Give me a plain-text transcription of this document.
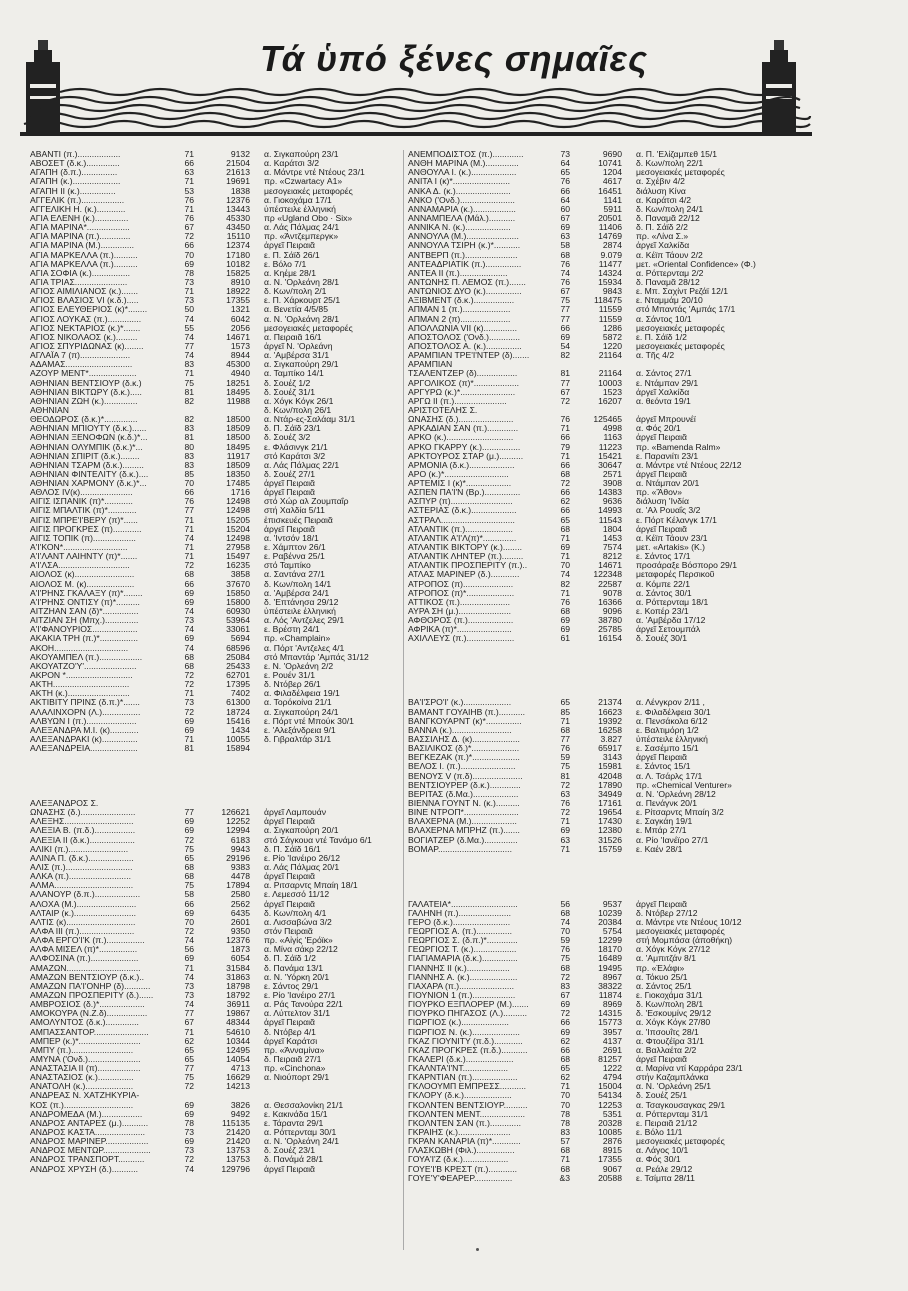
Τά ὑπό ξένες σημαῖες
ΑΒΑΝΤΙ (π.)..................	71	9132	α. Σιγκαπούρη 23/1
ΑΒΟΣΕΤ (δ.κ.)..............	66	21504	α. Καράτσι 3/2
ΑΓΑΠΗ (δ.π.)...............	63	21613	α. Μάντρε ντέ Ντέους 23/1
ΑΓΑΠΗ (κ.)....................	71	19691	πρ. «Czwartacy Α1»
ΑΓΑΠΗ ΙΙ (κ.)...............	53	1838	μεσογειακές μεταφορές
ΑΓΓΕΛΙΚ (π.)..................	76	12376	α. Γιοκοχάμα 17/1
ΑΓΓΕΛΙΚΗ Η. (κ.)............	71	13443	ὑπέστειλε ἑλληνική
ΑΓΙΑ ΕΛΕΝΗ (κ.)..............	76	45330	πρ «Ugland Obo · Six»
ΑΓΙΑ ΜΑΡΙΝΑ*..................	67	43450	α. Λάς Πάλμας 24/1
ΑΓΙΑ ΜΑΡΙΝΑ (π.).............	72	15110	πρ. «Άντζεμπεργκ»
ΑΓΙΑ ΜΑΡΙΝΑ (Μ.)..............	66	12374	ἀργεῖ Πειραιᾶ
ΑΓΙΑ ΜΑΡΚΕΛΛΑ (π.)..........	70	17180	ε. Π. Σάϊδ 26/1
ΑΓΙΑ ΜΑΡΚΕΛΛΑ (π.)..........	69	10182	ε. Βόλο 7/1
ΑΓΙΑ ΣΟΦΙΑ (κ.)................	78	15825	α. Κηέμε 28/1
ΑΓΙΑ ΤΡΙΑΣ......................	73	8910	α. Ν. 'Ορλεάνη 28/1
ΑΓΙΟΣ ΑΙΜΙΛΙΑΝΟΣ (κ.).......	71	18922	δ. Κων/πολη 2/1
ΑΓΙΟΣ ΒΛΑΣΙΟΣ VI (κ.δ.).....	73	17355	ε. Π. Χάρκουρτ 25/1
ΑΓΙΟΣ ΕΛΕΥΘΕΡΙΟΣ (κ)*........	50	1321	α. Βενετία 4/5/85
ΑΓΙΟΣ ΛΟΥΚΑΣ (π.)..............	74	6042	α. Ν. 'Ορλεάνη 28/1
ΑΓΙΟΣ ΝΕΚΤΑΡΙΟΣ (κ.)*.......	55	2056	μεσογειακές μεταφορές
ΑΓΙΟΣ ΝΙΚΟΛΑΟΣ (κ.).........	74	14671	α. Πειραιᾶ 16/1
ΑΓΙΟΣ ΣΠΥΡΙΔΩΝΑΣ (κ)........	77	1573	ἀργεῖ Ν. 'Ορλεάνη
ΑΓΛΑΪΑ 7 (π).....................	74	8944	α. 'Αμβέρσα 31/1
ΑΔΑΜΑΣ............................	83	45300	α. Σιγκαπούρη 29/1
ΑΖΟΥΡ ΜΕΝΤ*....................	71	4940	α. Ταμπίκο 14/1
ΑΘΗΝΙΑΝ ΒΕΝΤΣΙΟΥΡ (δ.κ.)	75	18251	δ. Σουέζ 1/2
ΑΘΗΝΙΑΝ ΒΙΚΤΩΡΥ (δ.κ.).....	81	18495	δ. Σουέζ 31/1
ΑΘΗΝΙΑΝ ΖΩΗ (κ.)..............	82	11988	α. Χόγκ Κόγκ 26/1
ΑΘΗΝΙΑΝ	δ. Κων/πολη 26/1
ΘΕΟΔΩΡΟΣ (δ.κ.)*..............	82	18500	α. Ντάρ-ες-Σαλάαμ 31/1
ΑΘΗΝΙΑΝ ΜΠΙΟΥΤΥ (δ.κ.)......	83	18509	δ. Π. Σάϊδ 23/1
ΑΘΗΝΙΑΝ ΞΕΝΟΦΩΝ (κ.δ.)*...	81	18500	δ. Σουέζ 3/2
ΑΘΗΝΙΑΝ ΟΛΥΜΠΙΚ (δ.κ.)*...	80	18495	ε. Φλάσινγκ 21/1
ΑΘΗΝΙΑΝ ΣΠΙΡΙΤ (δ.κ.)........	83	11917	στό Καράτσι 3/2
ΑΘΗΝΙΑΝ ΤΣΑΡΜ (δ.κ.).........	83	18509	α. Λάς Πάλμας 22/1
ΑΘΗΝΙΑΝ ΦΙΝΤΕΛΙΤΥ (δ.κ.)....	85	18350	δ. Σουέζ 27/1
ΑΘΗΝΙΑΝ ΧΑΡΜΟΝΥ (δ.κ.)*...	70	17485	ἀργεῖ Πειραιᾶ
ΑΘΛΟΣ IV(κ)......................	66	1716	ἀργεῖ Πειραιᾶ
ΑΙΓΙΣ ΙΣΠΑΝΙΚ (π)*............	76	12498	στό Χώρ αλ Ζουμπαΐρ
ΑΙΓΙΣ ΜΠΑΛΤΙΚ (π)*............	77	12498	στή Χαλδία 5/11
ΑΙΓΙΣ ΜΠΡΕ'Ι'ΒΕΡΥ (π)*......	71	15205	ἐπισκευές Πειραιᾶ
ΑΙΓΙΣ ΠΡΟΓΚΡΕΣ (π)............	71	15204	ἀργεῖ Πειραιᾶ
ΑΙΓΙΣ ΤΟΠΙΚ (π)..................	74	12498	α. 'Ιντσόν 18/1
Α'Ι'ΚΟΝ*...........................	71	27958	ε. Χάμπτον 26/1
Α'Ι'ΛΑΝΤ ΛΑΙΗΝΤΥ (π)*.......	71	15497	ε. Ραβέννα 25/1
Α'Ι'ΛΣΑ..............................	72	16235	στό Ταμπίκο
ΑΙΟΛΟΣ (κ).........................	68	3858	α. Σαντάνα 27/1
ΑΙΟΛΟΣ Μ. (κ)....................	66	37670	δ. Κων/πολη 14/1
Α'Ι'ΡΗΝΣ ΓΚΑΛΑΞΥ (π)*........	69	15850	α. 'Αμβέρσα 24/1
Α'Ι'ΡΗΝΣ ΟΝΤΙΣΥ (π)*..........	69	15800	δ. 'Επτάνησα 29/12
ΑΙΤΖΗΑΝ ΣΑΝ (δ)*...............	74	60930	ὑπέστειλε ἑλληνική
ΑΙΤΖΙΑΝ ΣΗ (Μπχ.)..............	73	53964	α. Λός 'Αντζελες 29/1
Α'Ι'ΦΑΝΟΥΡΙΟΣ...................	74	33061	ε. Βρέστη 24/1
ΑΚΑΚΙΑ ΤΡΗ (π.)*................	69	5694	πρ. «Champlain»
ΑΚΟΗ...............................	74	68596	α. Πόρτ 'Αντζελες 4/1
ΑΚΟΥΑΜΠΕΛ (π.)..................	68	25084	στό Μπαντάρ 'Αμπάς 31/12
ΑΚΟΥΑΤΖΟ'Υ'......................	68	25433	ε. Ν. 'Ορλεάνη 2/2
ΑΚΡΟΝ *............................	72	62701	ε. Ρουέν 31/1
ΑΚΤΗ................................	72	17395	δ. Ντόβερ 26/1
ΑΚΤΗ (κ.)..........................	71	7402	α. Φιλαδέλφεια 19/1
ΑΚΤΙΒΙΤΥ ΠΡΙΝΣ (δ.π.)*.......	73	61300	α. Τορόκοίνα 21/1
ΑΛΑΛΙΝΧΟΡΝ (Λ.)................	72	18724	α. Σιγκαπούρη 24/1
ΑΛΒΥΩΝ Ι (π.).....................	69	15416	ε. Πόρτ ντέ Μπούκ 30/1
ΑΛΕΞΑΝΔΡΑ Μ.Ι. (κ)............	69	1434	ε. 'Αλεξάνδρεια 9/1
ΑΛΕΞΑΝΔΡΑΚΙ (κ)...............	71	10055	δ. Γιβραλτάρ 31/1
ΑΛΕΞΑΝΔΡΕΙΑ....................	81	15894
ΑΛΕΞΑΝΔΡΟΣ Σ.
ΩΝΑΣΗΣ (δ.).......................	77	126621	ἀργεῖ Λαμπουάν
ΑΛΕΞΗΣ.............................	69	12252	ἀργεῖ Πειραιᾶ
ΑΛΕΞΙΑ Β. (π.δ.).................	69	12994	α. Σιγκαπούρη 20/1
ΑΛΕΞΙΑ ΙΙ (δ.κ.)...................	72	6183	στό Σάγκουα ντέ Τανάμο 6/1
ΑΛΙΚΙ (π.).........................	75	9943	δ. Π. Σάϊδ 16/1
ΑΛΙΝΑ Π. (δ.κ.)...................	65	29196	ε. Ρίο 'Ιανέιρο 26/12
ΑΛΙΣ (π.)............................	68	9383	α. Λάς Πάλμας 20/1
ΑΛΚΑ (π.)..........................	68	4478	ἀργεῖ Πειραιᾶ
ΑΛΜΑ.................................	75	17894	α. Ριτσαρντς Μπαίη 18/1
ΑΛΑΝΟΥΡ (δ.π.)...................	58	2580	ε. Λεμεσσό 11/12
ΑΛΟΧΑ (Μ.).........................	66	2562	ἀργεῖ Πειραιᾶ
ΑΛΤΑΙΡ (κ.)..........................	69	6435	δ. Κων/πολη 4/1
ΑΛΤΙΣ (κ).............................	70	2601	α. Λισσαβώνα 3/2
ΑΛΦΑ ΙΙΙ (π.).......................	72	9350	στόν Πειραιᾶ
ΑΛΦΑ ΕΡΓΟ'Ι'Κ (π.)................	74	12376	πρ. «Αἰγίς 'Ερόϊκ»
ΑΛΦΑ ΜΙΣΕΛ (π)*................	56	1873	α. Μίνα σάκρ 22/12
ΑΛΦΟΣΙΝΑ (π.)....................	69	6054	δ. Π. Σάϊδ 1/2
ΑΜΑΖΩΝ...............................	71	31584	δ. Πανάμα 13/1
ΑΜΑΖΩΝ ΒΕΝΤΣΙΟΥΡ (δ.κ.)..	74	31863	α. Ν. 'Υόρκη 20/1
ΑΜΑΖΩΝ ΠΑ'Ι'ΟΝΗΡ (δ)...........	73	18798	ε. Σάντος 29/1
ΑΜΑΖΩΝ ΠΡΟΣΠΕΡΙΤΥ (δ.)......	73	18792	ε. Ρίο 'Ιανέιρο 27/1
ΑΜΒΡΟΣΙΟΣ (δ.)*...................	74	36911	α. Ράς Τανούρα 22/1
ΑΜΟΚΟΥΡΑ (Ν.Ζ.δ).................	77	19867	α. Λύττελτον 31/1
ΑΜΟΛΥΝΤΟΣ (δ.κ.)..............	67	48344	ἀργεῖ Πειραιᾶ
ΑΜΠΑΣΣΑΝΤΟΡ.......................	71	54610	δ. Ντόβερ 4/1
ΑΜΠΕΡ (κ.)*..........................	62	10344	ἀργεῖ Καράτσι
ΑΜΠΥ (π.)..........................	65	12495	πρ. «Άνναμίνα»
ΑΜΥΝΑ ('Ονδ.)......................	65	14054	δ. Πειραιᾶ 27/1
ΑΝΑΣΤΑΣΙΑ ΙΙ (π)..................	77	4713	πρ. «Cinchona»
ΑΝΑΣΤΑΣΙΟΣ (κ.)...............	75	16629	α. Νιούπορτ 29/1
ΑΝΑΤΟΛΗ (κ.)....................	72	14213
ΑΝΔΡΕΑΣ Ν. ΧΑΤΖΗΚΥΡΙΑ-
ΚΟΣ (π.).............................	69	3826	α. Θεσσαλονίκη 21/1
ΑΝΔΡΟΜΕΔΑ (Μ.).................	69	9492	ε. Κακινάδα 15/1
ΑΝΔΡΟΣ ΑΝΤΑΡΕΣ (μ.)...........	78	115135	ε. Τάραντα 29/1
ΑΝΔΡΟΣ ΚΑΣΤΑ.....................	73	21420	α. Ρόττερνταμ 30/1
ΑΝΔΡΟΣ ΜΑΡΙΝΕΡ..................	69	21420	α. Ν. 'Ορλεάνη 24/1
ΑΝΔΡΟΣ ΜΕΝΤΩΡ....................	73	13753	δ. Σουέζ 23/1
ΑΝΔΡΟΣ ΤΡΑΝΣΠΟΡΤ...........	72	13753	δ. Πανάμά 28/1
ΑΝΔΡΟΣ ΧΡΥΣΗ (δ.)...........	74	129796	ἀργεῖ Πειραιᾶ
ΑΝΕΜΠΟΔΙΣΤΟΣ (π.).............	73	9690	α. Π. 'Ελίζαμπεθ 15/1
ΑΝΘΗ ΜΑΡΙΝΑ (Μ.)..............	64	10741	δ. Κων/πολη 22/1
ΑΝΘΟΥΛΑ Ι. (κ.)...................	65	1204	μεσογειακές μεταφορές
ΑΝΙΤΑ Ι (κ)*........................	76	4617	α. Σχέβιν 4/2
ΑΝΚΑ Δ. (κ.).......................	66	16451	διάλυση Κίνα
ΑΝΚΟ ('Ονδ.).......................	64	1141	α. Καράτσι 4/2
ΑΝΝΑΜΑΡΙΑ (κ.)..................	60	5911	δ. Κων/πολη 24/1
ΑΝΝΑΜΠΕΛΑ (Μάλ.)...........	67	20501	δ. Παναμᾶ 22/12
ΑΝΝΙΚΑ Ν. (κ.)...................	69	11406	δ. Π. Σάϊδ 2/2
ΑΝΝΟΥΛΑ (Μ.)......................	63	14769	πρ. «Λίνα Σ.»
ΑΝΝΟΥΛΑ ΤΣΙΡΗ (κ.)*...........	58	2874	ἀργεῖ Χαλκίδα
ΑΝΤΒΕΡΠ (π.)......................	68	9.079	α. Κέϊπ Τάουν 2/2
ΑΝΤΕΑΔΡΙΑΤΙΚ (π.)...............	76	11477	μετ. «Oriental Confidence» (Φ.)
ΑΝΤΕΑ ΙΙ (π.)....................	74	14324	α. Ρόττερνταμ 2/2
ΑΝΤΩΝΗΣ Π. ΛΕΜΟΣ (π.).......	76	15934	δ. Παναμᾶ 28/12
ΑΝΤΩΝΙΟΣ ΔΥΟ (κ.)...............	67	9843	ε. Μπ. Σαχίντ Ρεζάϊ 12/1
ΑΞΙΒΜΕΝΤ (δ.κ.).................	75	118475	ε. Νταμμάμ 20/10
ΑΠΜΑΝ 1 (π.)....................	77	11559	στό Μπαντάς 'Αμπάς 17/1
ΑΠΜΑΝ 2 (π).....................	77	11559	α. Σάντος 10/1
ΑΠΟΛΛΩΝΙΑ VII (κ)..............	66	1286	μεσογειακές μεταφορές
ΑΠΟΣΤΟΛΟΣ ('Ονδ.).............	69	5872	ε. Π. Σάϊδ 1/2
ΑΠΟΣΤΟΛΟΣ Α. (κ.)...............	54	1220	μεσογειακές μεταφορές
ΑΡΑΜΠΙΑΝ ΤΡΕ'Ι'ΝΤΕΡ (δ).......	82	21164	α. Τῆς 4/2
ΑΡΑΜΠΙΑΝ
ΤΣΑΛΕΝΤΖΕΡ (δ).................	81	21164	α. Σάντος 27/1
ΑΡΓΟΛΙΚΟΣ (π)*...................	77	10003	ε. Ντάμπαν 29/1
ΑΡΓΥΡΩ (κ.)*.......................	67	1523	ἀργεῖ Χαλκίδα
ΑΡΓΩ ΙΙ (π.)......................	72	16207	α. θεόντα 19/1
ΑΡΙΣΤΟΤΕΛΗΣ Σ.
ΩΝΑΣΗΣ (δ.).......................	76	125465	ἀργεῖ Μπρουνέϊ
ΑΡΚΑΔΙΑΝ ΣΑΝ (π.).............	71	4998	α. Φός 20/1
ΑΡΚΟ (κ.)............................	66	1163	ἀργεῖ Πειραιᾶ
ΑΡΚΟ ΓΚΑΡΡΥ (κ.)................	79	11223	πρ. «Bamenda Ralm»
ΑΡΚΤΟΥΡΟΣ ΣΤΑΡ (μ.)..........	71	15421	ε. Παρανιίτι 23/1
ΑΡΜΟΝΙΑ (δ.κ.)...................	66	30647	α. Μάντρε ντέ Ντέους 22/12
ΑΡΟ (κ.)*...........................	68	2571	ἀργεῖ Πειραιᾶ
ΑΡΤΕΜΙΣ Ι (κ)*...................	72	3908	α. Ντάμπαν 20/1
ΑΣΠΕΝ ΠΑ'Ι'Ν (Βρ.)...............	66	14383	πρ. «Ἄθον»
ΑΣΠΥΡ (π)..........................	62	9636	διάλυση 'Ινδία
ΑΣΤΕΡΙΑΣ (δ.κ.)...................	66	14993	α. 'Αλ Ρουαΐς 3/2
ΑΣΤΡΑΛ...............................	65	11543	ε. Πόρτ Κέλανγκ 17/1
ΑΤΛΑΝΤΙΚ (π.)....................	68	1804	ἀργεῖ Πειραιᾶ
ΑΤΛΑΝΤΙΚ Α'Ι'Λ(π)*..............	71	1453	α. Κέϊπ Τάουν 23/1
ΑΤΛΑΝΤΙΚ ΒΙΚΤΟΡΥ (κ.)........	69	7574	μετ. «Artakis» (Κ.)
ΑΤΛΑΝΤΙΚ ΛΗΝΤΕΡ (π.).........	71	8212	ε. Σάντος 17/1
ΑΤΛΑΝΤΙΚ ΠΡΟΣΠΕΡΙΤΥ (π.)..	70	14671	προσάραξε Βόσπορο 29/1
ΑΤΛΑΣ ΜΑΡΙΝΕΡ (δ.)............	74	122348	μεταφορές Περσικοῦ
ΑΤΡΟΠΟΣ (π).....................	82	22587	α. Κόμπε 22/1
ΑΤΡΟΠΟΣ (π)*....................	71	9078	α. Σάντος 30/1
ΑΤΤΙΚΟΣ (π.).....................	76	16366	α. Ρόττερνταμ 18/1
ΑΥΡΑ ΣΗ (μ.)......................	68	9096	ε. Κοπέρ 23/1
ΑΦΘΟΡΟΣ (π.)...................	69	38780	α. 'Αμβέρδα 17/12
ΑΦΡΙΚΑ (π)*.......................	69	25785	ἀργεῖ Σετουμπάλ
ΑΧΙΛΛΕΥΣ (π.)....................	61	16154	δ. Σουέζ 30/1
ΒΑ'Ι'ΣΡΟ'Ι' (κ.)....................	65	21374	α. Λένγκρον 2/11 ,
ΒΑΜΑΝΤ ΓΟΥΑΙΗΒ (π.)...........	85	16623	ε. Φιλαδέλφεια 30/1
ΒΑΝΓΚΟΥΑΡΝΤ (κ)*...............	71	19392	α. Πενσάκολα 6/12
ΒΑΝΝΑ (κ.).........................	68	16258	ε. Βαλτιμόρη 1/2
ΒΑΣΣΙΛΗΣ Δ. (κ)....................	77	3.827	ὑπέστειλε ἑλληνική
ΒΑΣΙΛΙΚΟΣ (δ.)*....................	76	65917	ε. Σασέμπο 15/1
ΒΕΓΚΕΖΑΚ (π.)*....................	59	3143	ἀργεῖ Πειραιᾶ
ΒΕΛΟΣ Ι. (π.).......................	75	15981	ε. Σάντος 15/1
ΒΕΝΟΥΣ V (π.δ).....................	81	42048	α. Λ. Τσάρλς 17/1
ΒΕΝΤΣΙΟΥΡΕΡ (δ.κ.).............	72	17890	πρ. «Chemical Venturer»
ΒΕΡΙΤΑΣ (δ.Μα.)...................	63	34949	α. Ν. 'Ορλεάνη 28/12
ΒΙΕΝΝΑ ΓΟΥΝΤ Ν. (κ.)..........	76	17161	α. Πενάγνκ 20/1
ΒΙΝΕ ΝΤΡΟΠ*.......................	72	19654	ε. Ρίτσαρντς Μπαίη 3/2
ΒΛΑΧΕΡΝΑ (Μ.)...................	71	17430	ε. Σαγκάη 19/1
ΒΛΑΧΕΡΝΑ ΜΠΡΗΖ (π.).......	69	12380	ε. Μπάρ 27/1
ΒΟΓΙΑΤΖΕΡ (δ.Μα.)..............	63	31526	α. Ρίο 'Ιανέϊρο 27/1
ΒΟΜΑΡ...............................	71	15759	ε. Καέν 28/1
ΓΑΛΑΤΕΙΑ*............................	56	9537	ἀργεῖ Πειραιᾶ
ΓΑΛΗΝΗ (π.)......................	68	10239	δ. Ντόβερ 27/12
ΓΕΡΟ (δ.κ.)........................	74	20384	α. Μάντρε ντε Ντέους 10/12
ΓΕΩΡΓΙΟΣ Α. (π.)...............	70	5754	μεσογειακές μεταφορές
ΓΕΩΡΓΙΟΣ Σ. (δ.π.)*.............	59	12299	στή Μομπάσα (ἀποθήκη)
ΓΕΩΡΓΙΟΣ Τ. (κ.)..................	76	18170	α. Χόγκ Κόγκ 27/12
ΓΙΑΓΙΑΜΑΡΙΑ (δ.κ.)...............	75	16489	α. 'Αμπιτζάν 8/1
ΓΙΑΝΝΗΣ ΙΙ (κ.)..................	68	19495	πρ. «Ἐλάφι»
ΓΙΑΝΝΗΣ Α. (κ.)....................	72	8967	α. Τόκυο 25/1
ΓΙΑΧΑΡΑ (π.).......................	83	38322	α. Σάντος 25/1
ΓΙΟΥΝΙΟΝ 1 (π.)..................	67	11874	ε. Γιοκοχάμα 31/1
ΓΙΟΥΡΚΟ ΕΞΠΛΟΡΕΡ (Μ.).......	69	8969	δ. Κων/πολη 28/1
ΓΙΟΥΡΚΟ ΠΗΓΑΣΟΣ (Λ.)..........	72	14315	δ. 'Εσκουμίνς 29/12
ΓΙΩΡΓΙΟΣ (κ.)....................	66	15773	α. Χόγκ Κόγκ 27/80
ΓΙΩΡΓΙΟΣ Ν. (κ.)....................	69	3957	α. 'Ιπσουΐτς 28/1
ΓΚΑΖ ΓΙΟΥΝΙΤΥ (π.δ.)............	62	4137	α. Φτουζέϊρα 31/1
ΓΚΑΖ ΠΡΟΓΚΡΕΣ (π.δ.)...........	66	2691	α. Βαλλαέτα 2/2
ΓΚΑΛΕΡΙ (δ.κ.)....................	68	81257	ἀργεῖ Πειραιᾶ
ΓΚΑΛΝΤΑ'Ι'ΝΤ...................	65	1222	α. Μαρίνα ντί Καρράρα 23/1
ΓΚΑΡΝΤΙΑΝ (π.)...................	62	4794	στήν Καζαμπλάνκα
ΓΚΛΟΟΥΜΠ ΕΜΠΡΕΣΣ...........	71	15004	α. Ν. 'Ορλεάνη 25/1
ΓΚΛΟΡΥ (δ.κ.)....................	70	54134	δ. Σουέζ 25/1
ΓΚΟΛΝΤΕΝ ΒΕΝΤΣΙΟΥΡ..........	70	12253	α. Τσαγκουσαγκας 29/1
ΓΚΟΛΝΤΕΝ ΜΕΝΤ...................	78	5351	α. Ρόττερνταμ 31/1
ΓΚΟΛΝΤΕΝ ΣΑΝ (π.).............	78	20328	ε. Πειραιᾶ 21/12
ΓΚΡΑΙΗΣ (κ.)......................	83	10085	ε. Βόλο 11/1
ΓΚΡΑΝ ΚΑΝΑΡΙΑ (π)*............	57	2876	μεσογειακές μεταφορές
ΓΛΑΣΚΩΒΗ (Φιλ.)................	68	8915	α. Λάγος 10/1
ΓΟΥΑ'Ι'Ζ (δ.κ.)...................	71	17355	α. Φός 30/1
ΓΟΥΕ'Ι'Β ΚΡΕΣΤ (π.)............	68	9067	α. Ρεάλε 29/12
ΓΟΥΕ'Υ'ΦΕΑΡΕΡ................	&3	20588	ε. Τσίμπα 28/11
